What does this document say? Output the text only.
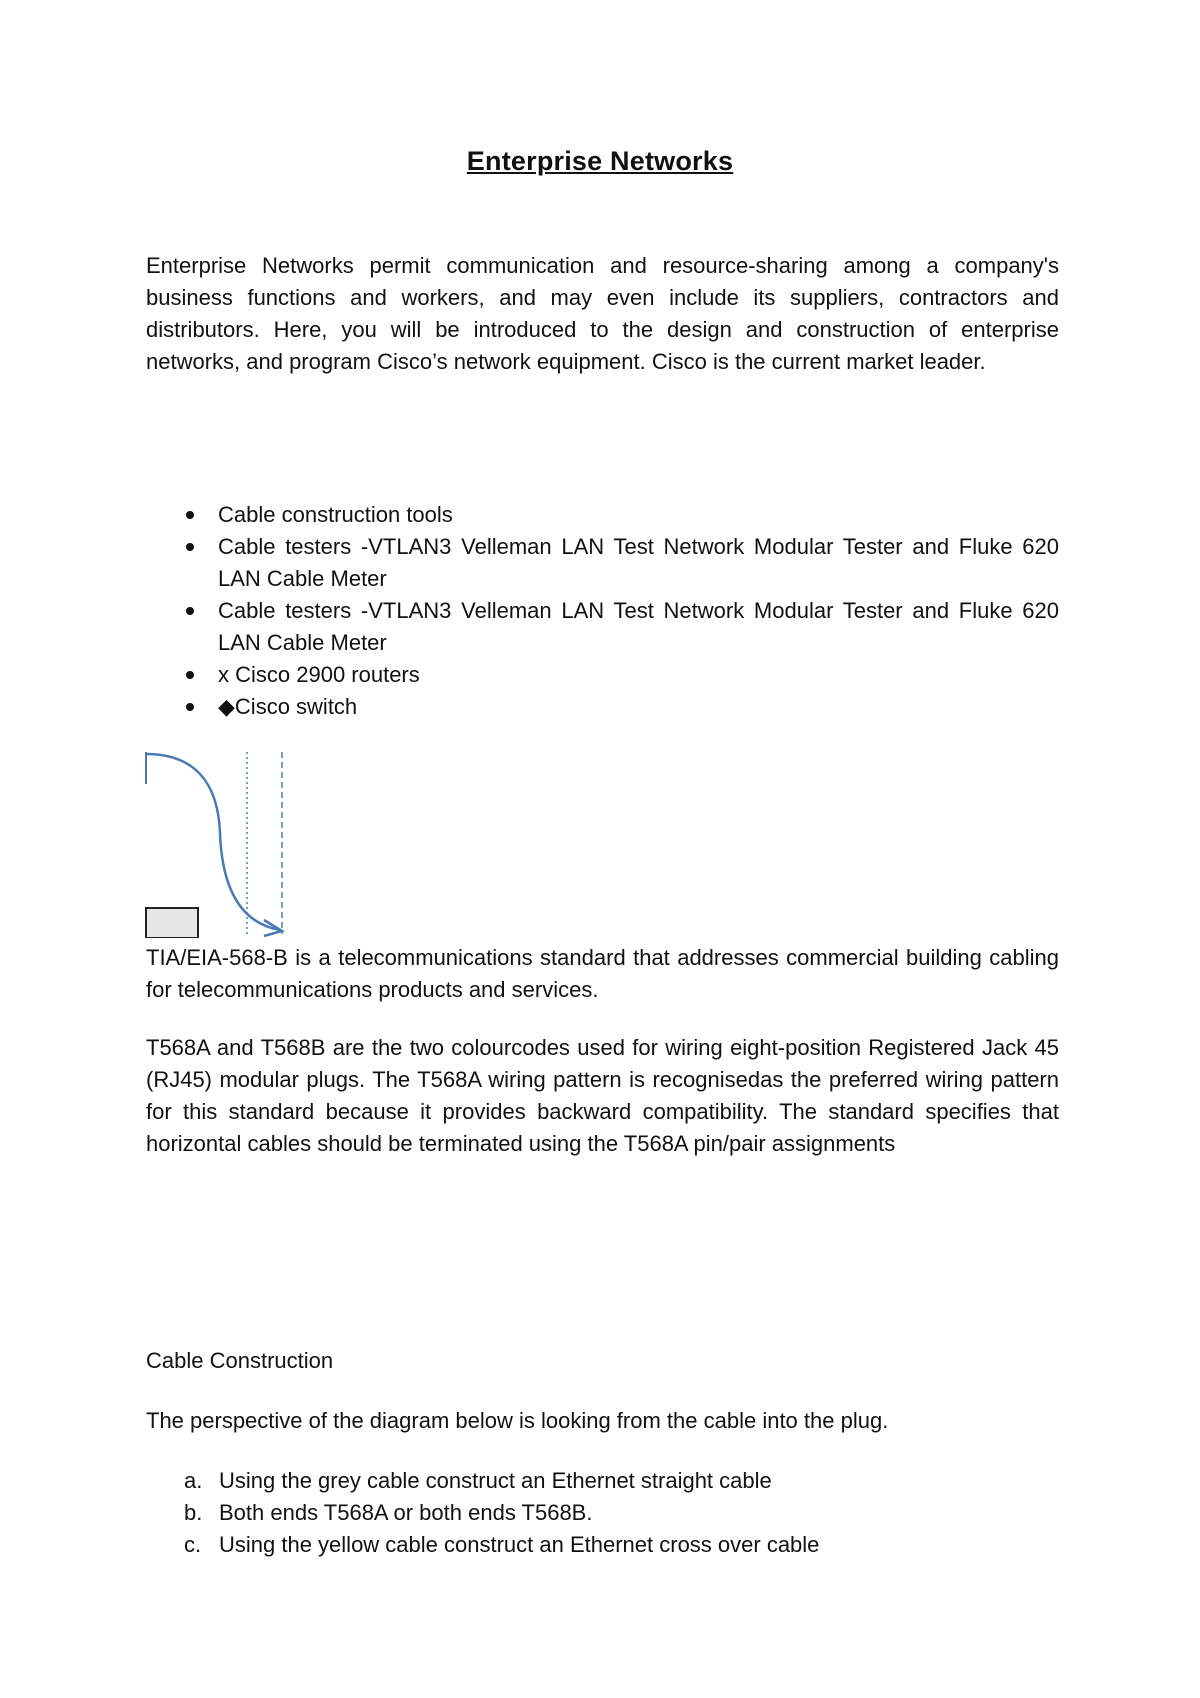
Enterprise Networks

Enterprise Networks permit communication and resource-sharing among a company's business functions and workers, and may even include its suppliers, contractors and distributors. Here, you will be introduced to the design and construction of enterprise networks, and program Cisco’s network equipment. Cisco is the current market leader.

Cable construction tools
Cable testers -VTLAN3 Velleman LAN Test Network Modular Tester and Fluke 620 LAN Cable Meter
Cable testers -VTLAN3 Velleman LAN Test Network Modular Tester and Fluke 620 LAN Cable Meter
x Cisco 2900 routers
◆Cisco switch

TIA/EIA-568-B is a telecommunications standard that addresses commercial building cabling for telecommunications products and services.

T568A and T568B are the two colourcodes used for wiring eight-position Registered Jack 45 (RJ45) modular plugs. The T568A wiring pattern is recognisedas the preferred wiring pattern for this standard because it provides backward compatibility. The standard specifies that horizontal cables should be terminated using the T568A pin/pair assignments

Cable Construction

The perspective of the diagram below is looking from the cable into the plug.

a. Using the grey cable construct an Ethernet straight cable
b. Both ends T568A or both ends T568B.
c. Using the yellow cable construct an Ethernet cross over cable
